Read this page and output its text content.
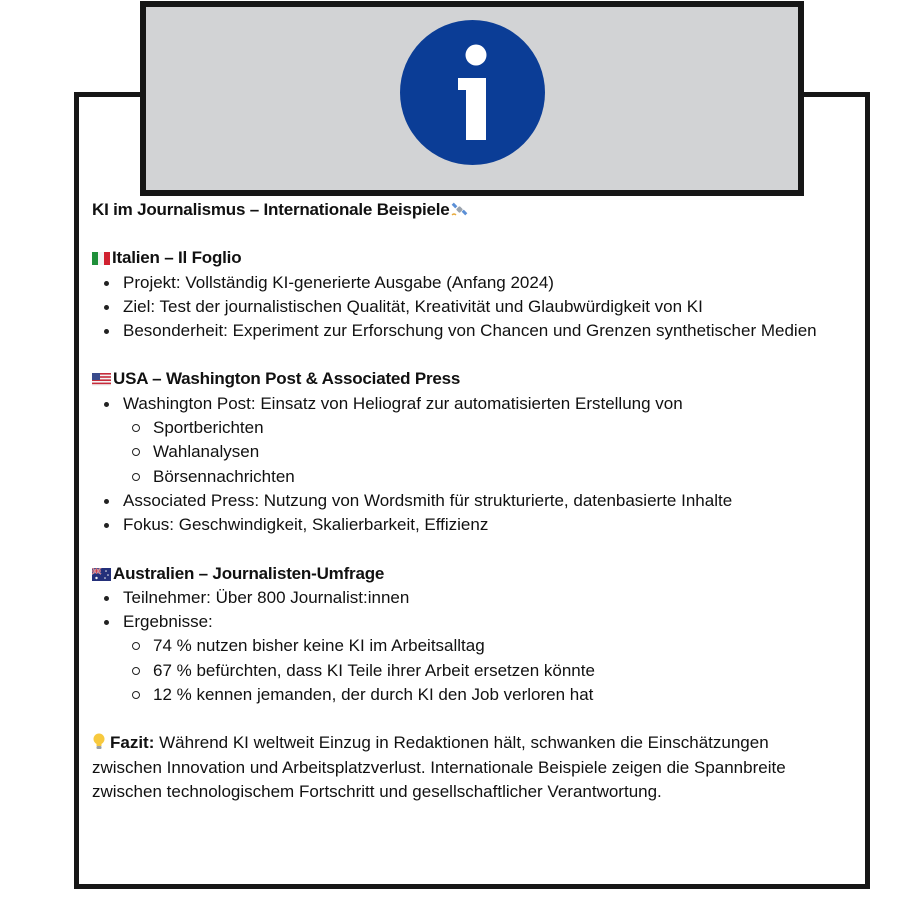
KI im Journalismus – Internationale Beispiele
Italien – Il Foglio
Projekt: Vollständig KI-generierte Ausgabe (Anfang 2024)
Ziel: Test der journalistischen Qualität, Kreativität und Glaubwürdigkeit von KI
Besonderheit: Experiment zur Erforschung von Chancen und Grenzen synthetischer Medien
USA – Washington Post & Associated Press
Washington Post: Einsatz von Heliograf zur automatisierten Erstellung von
Sportberichten
Wahlanalysen
Börsennachrichten
Associated Press: Nutzung von Wordsmith für strukturierte, datenbasierte Inhalte
Fokus: Geschwindigkeit, Skalierbarkeit, Effizienz
Australien – Journalisten-Umfrage
Teilnehmer: Über 800 Journalist:innen
Ergebnisse:
74 % nutzen bisher keine KI im Arbeitsalltag
67 % befürchten, dass KI Teile ihrer Arbeit ersetzen könnte
12 % kennen jemanden, der durch KI den Job verloren hat
Fazit: Während KI weltweit Einzug in Redaktionen hält, schwanken die Einschätzungen zwischen Innovation und Arbeitsplatzverlust. Internationale Beispiele zeigen die Spannbreite zwischen technologischem Fortschritt und gesellschaftlicher Verantwortung.
